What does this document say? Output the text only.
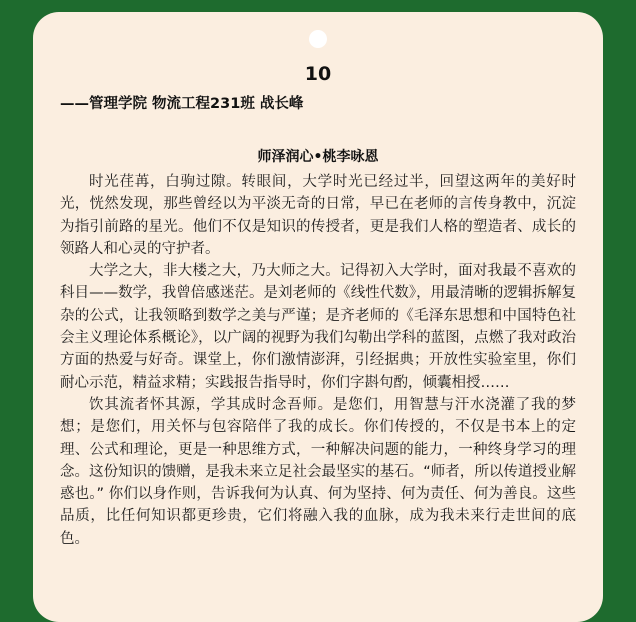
10
——管理学院 物流工程231班 战长峰
师泽润心•桃李咏恩

时光荏苒，白驹过隙。转眼间，大学时光已经过半，回望这两年的美好时光，恍然发现，那些曾经以为平淡无奇的日常，早已在老师的言传身教中，沉淀为指引前路的星光。他们不仅是知识的传授者，更是我们人格的塑造者、成长的领路人和心灵的守护者。

大学之大，非大楼之大，乃大师之大。记得初入大学时，面对我最不喜欢的科目——数学，我曾倍感迷茫。是刘老师的《线性代数》，用最清晰的逻辑拆解复杂的公式，让我领略到数学之美与严谨；是齐老师的《毛泽东思想和中国特色社会主义理论体系概论》，以广阔的视野为我们勾勒出学科的蓝图，点燃了我对政治方面的热爱与好奇。课堂上，你们激情澎湃，引经据典；开放性实验室里，你们耐心示范，精益求精；实践报告指导时，你们字斟句酌，倾囊相授……

饮其流者怀其源，学其成时念吾师。是您们，用智慧与汗水浇灌了我的梦想；是您们，用关怀与包容陪伴了我的成长。你们传授的，不仅是书本上的定理、公式和理论，更是一种思维方式，一种解决问题的能力，一种终身学习的理念。这份知识的馈赠，是我未来立足社会最坚实的基石。“师者，所以传道授业解惑也。” 你们以身作则，告诉我何为认真、何为坚持、何为责任、何为善良。这些品质，比任何知识都更珍贵，它们将融入我的血脉，成为我未来行走世间的底色。
